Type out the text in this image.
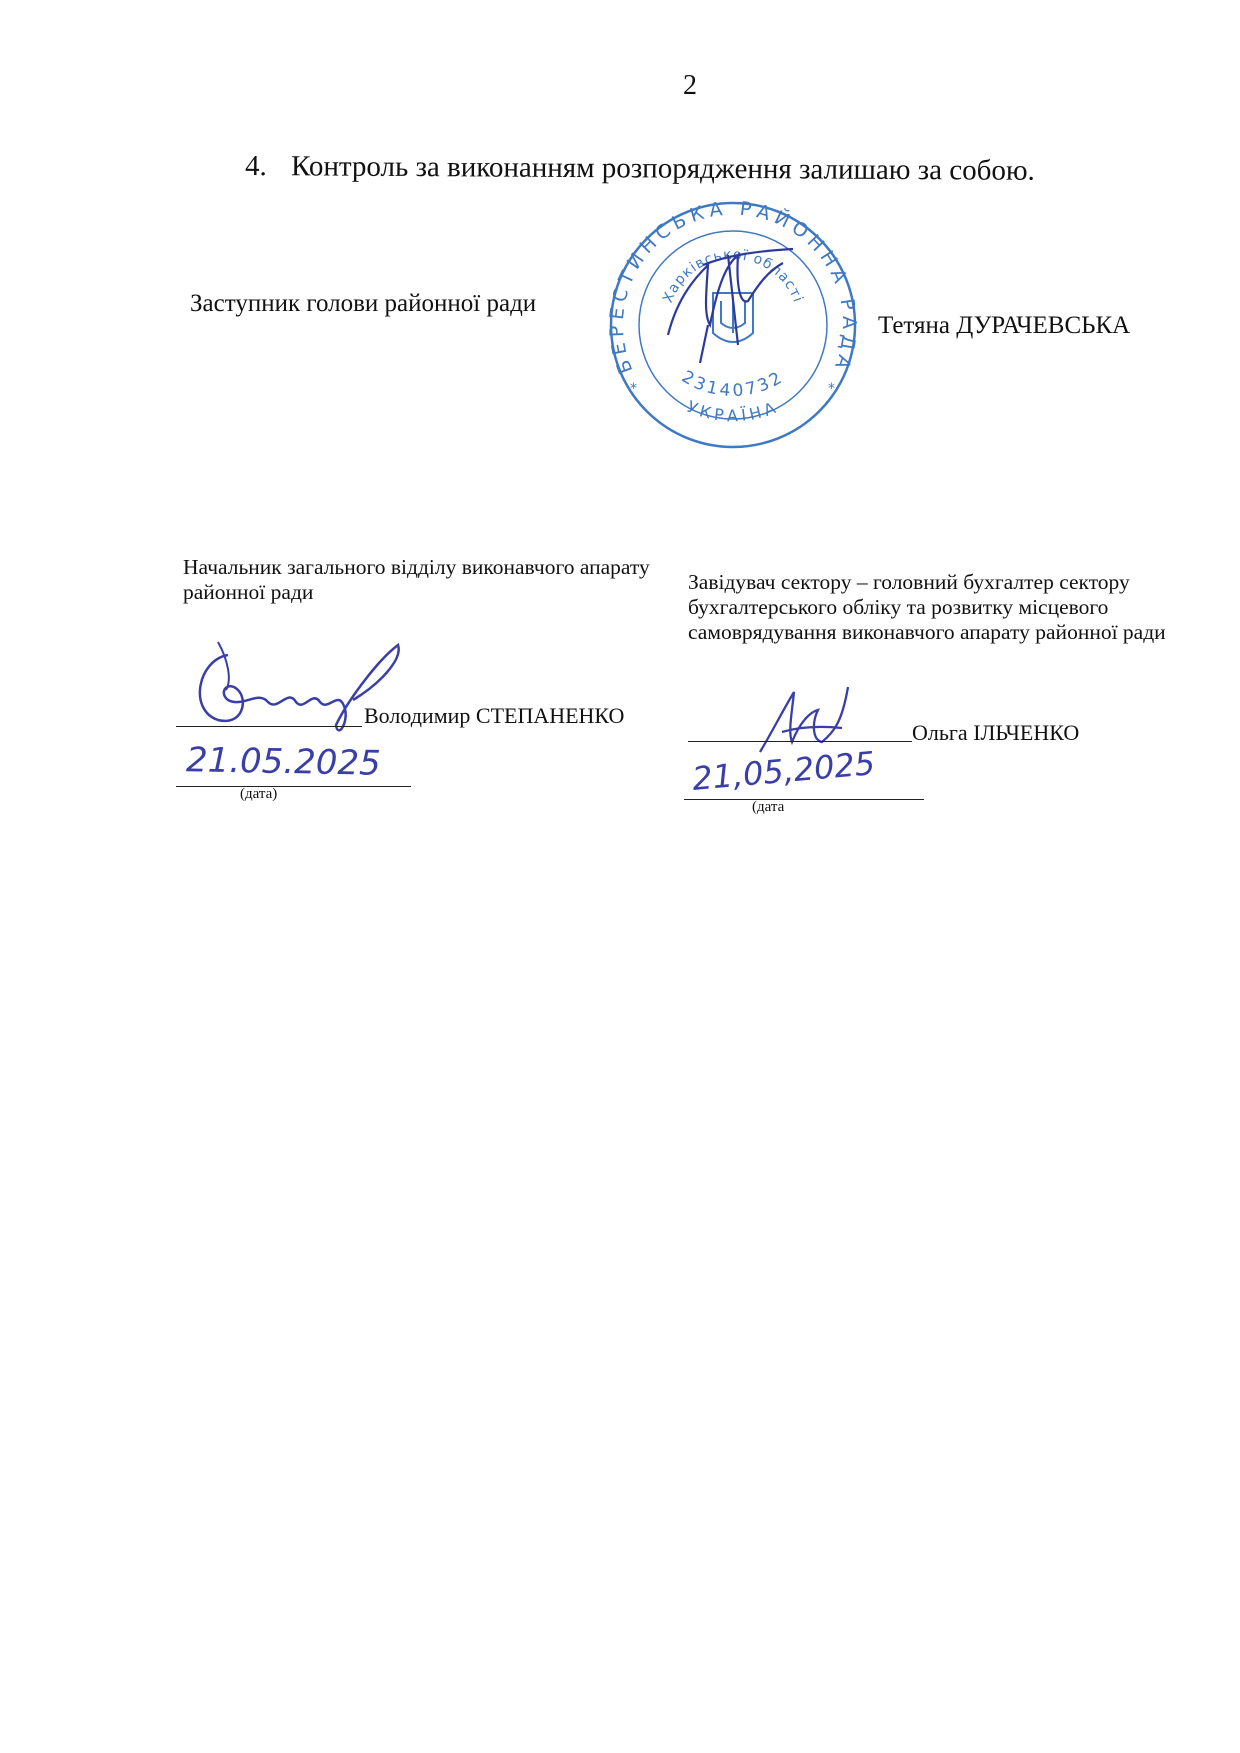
2
4. Контроль за виконанням розпорядження залишаю за собою.
Заступник голови районної ради
Тетяна ДУРАЧЕВСЬКА
БЕРЕСТИНСЬКА РАЙОННА РАДА
Харківської області
23140732
УКРАЇНА
*	*
Начальник загального відділу виконавчого апарату районної ради	Завідувач сектору – головний бухгалтер сектору бухгалтерського обліку та розвитку місцевого самоврядування виконавчого апарату районної ради
Володимир СТЕПАНЕНКО
21.05.2025
(дата)
Ольга ІЛЬЧЕНКО
21,05,2025
(дата
